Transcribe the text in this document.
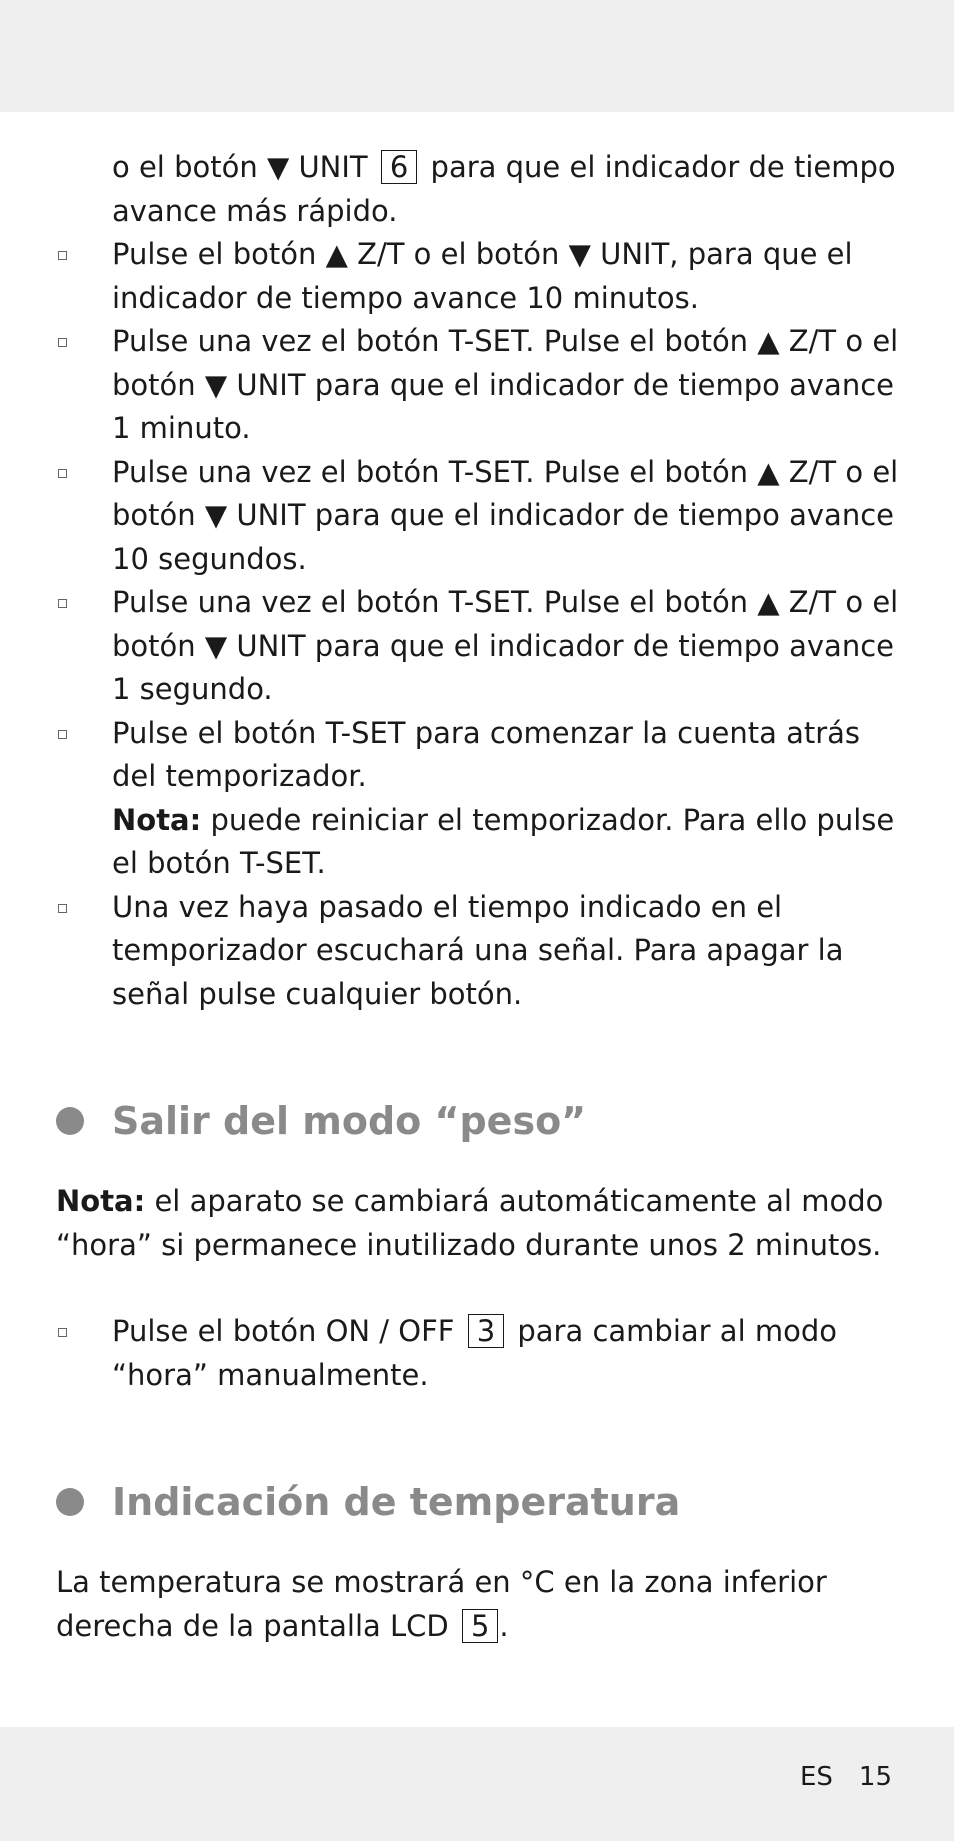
o el botón ▼ UNIT 6 para que el indicador de tiempo avance más rápido.

Pulse el botón ▲ Z/T o el botón ▼ UNIT, para que el indicador de tiempo avance 10 minutos.
Pulse una vez el botón T-SET. Pulse el botón ▲ Z/T o el botón ▼ UNIT para que el indicador de tiempo avance 1 minuto.
Pulse una vez el botón T-SET. Pulse el botón ▲ Z/T o el botón ▼ UNIT para que el indicador de tiempo avance 10 segundos.
Pulse una vez el botón T-SET. Pulse el botón ▲ Z/T o el botón ▼ UNIT para que el indicador de tiempo avance 1 segundo.
Pulse el botón T-SET para comenzar la cuenta atrás del temporizador.

Nota: puede reiniciar el temporizador. Para ello pulse el botón T-SET.

Una vez haya pasado el tiempo indicado en el temporizador escuchará una señal. Para apagar la señal pulse cualquier botón.
Salir del modo “peso”

Nota: el aparato se cambiará automáticamente al modo “hora” si permanece inutilizado durante unos 2 minutos.

Pulse el botón ON / OFF 3 para cambiar al modo “hora” manualmente.
Indicación de temperatura

La temperatura se mostrará en °C en la zona inferior derecha de la pantalla LCD 5 .

ES 15
